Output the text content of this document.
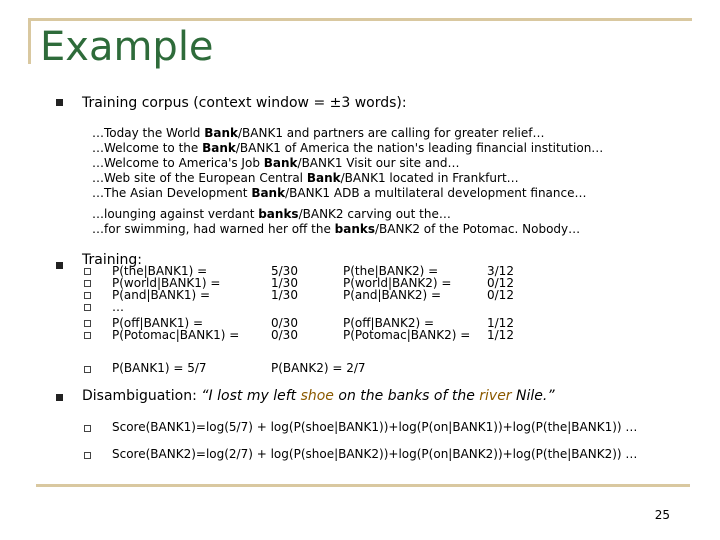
Example
Training corpus (context window = ±3 words):
…Today the World Bank/BANK1 and partners are calling for greater relief…
…Welcome to the Bank/BANK1 of America the nation's leading financial institution…
…Welcome to America's Job Bank/BANK1 Visit our site and…
…Web site of the European Central Bank/BANK1 located in Frankfurt…
…The Asian Development Bank/BANK1 ADB a multilateral development finance…
…lounging against verdant banks/BANK2 carving out the…
…for swimming, had warned her off the banks/BANK2 of the Potomac. Nobody…
Training:
P(the|BANK1) =	5/30	P(the|BANK2) =	3/12
P(world|BANK1) =	1/30	P(world|BANK2) =	0/12
P(and|BANK1) =	1/30	P(and|BANK2) =	0/12
…
P(off|BANK1) =	0/30	P(off|BANK2) =	1/12
P(Potomac|BANK1) =	0/30	P(Potomac|BANK2) = 1/12
P(BANK1) = 5/7	P(BANK2) = 2/7
Disambiguation: “I lost my left shoe on the banks of the river Nile.”
Score(BANK1)=log(5/7) + log(P(shoe|BANK1))+log(P(on|BANK1))+log(P(the|BANK1)) …
Score(BANK2)=log(2/7) + log(P(shoe|BANK2))+log(P(on|BANK2))+log(P(the|BANK2)) …
25
